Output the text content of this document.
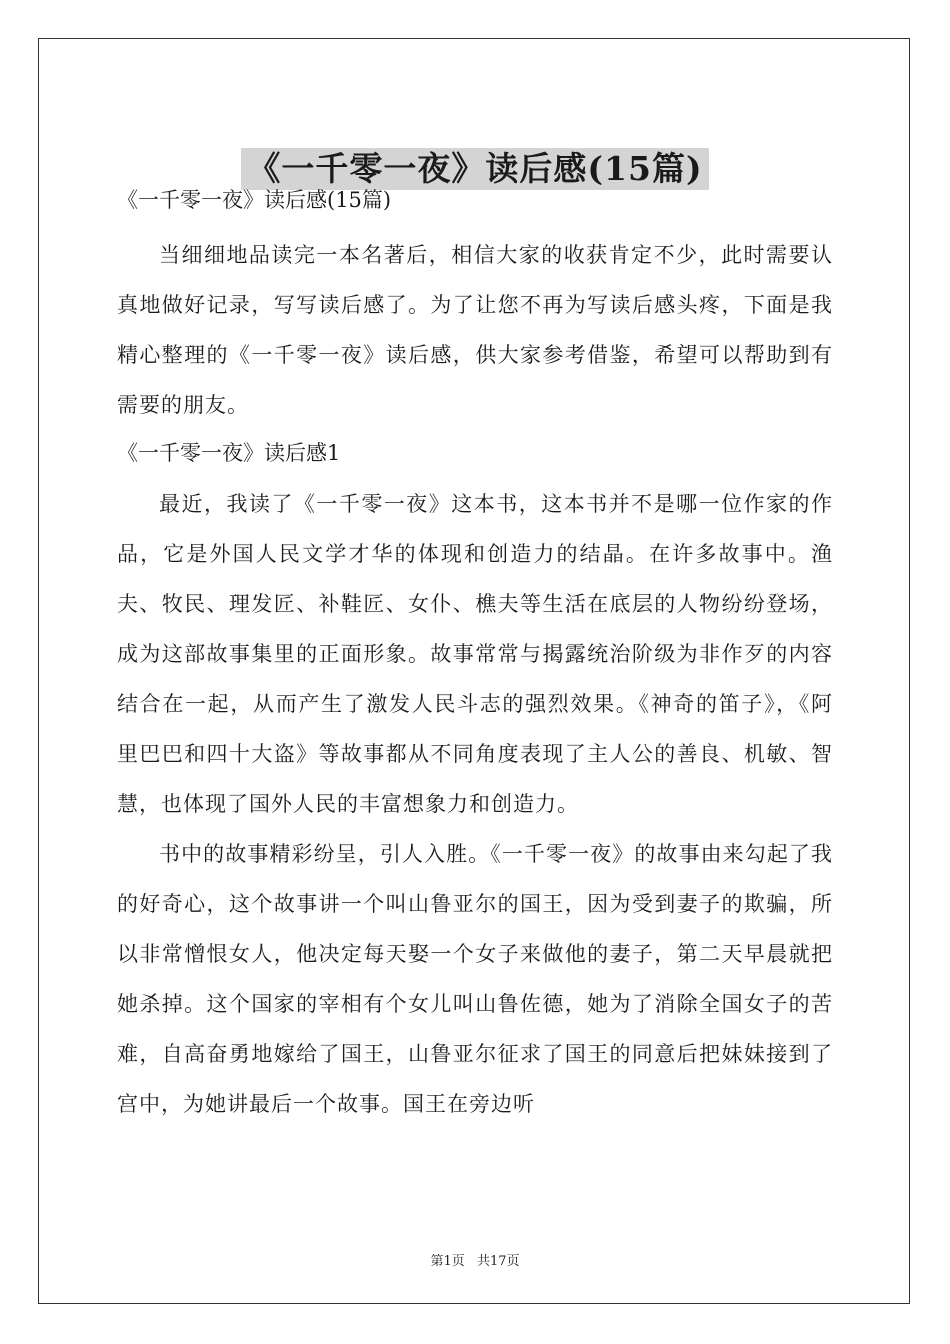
《一千零一夜》读后感(15篇)

《一千零一夜》读后感(15篇)

当细细地品读完一本名著后，相信大家的收获肯定不少，此时需要认真地做好记录，写写读后感了。为了让您不再为写读后感头疼，下面是我精心整理的《一千零一夜》读后感，供大家参考借鉴，希望可以帮助到有需要的朋友。

《一千零一夜》读后感1

最近，我读了《一千零一夜》这本书，这本书并不是哪一位作家的作品，它是外国人民文学才华的体现和创造力的结晶。在许多故事中。渔夫、牧民、理发匠、补鞋匠、女仆、樵夫等生活在底层的人物纷纷登场，成为这部故事集里的正面形象。故事常常与揭露统治阶级为非作歹的内容结合在一起，从而产生了激发人民斗志的强烈效果。《神奇的笛子》，《阿里巴巴和四十大盗》等故事都从不同角度表现了主人公的善良、机敏、智慧，也体现了国外人民的丰富想象力和创造力。

书中的故事精彩纷呈，引人入胜。《一千零一夜》的故事由来勾起了我的好奇心，这个故事讲一个叫山鲁亚尔的国王，因为受到妻子的欺骗，所以非常憎恨女人，他决定每天娶一个女子来做他的妻子，第二天早晨就把她杀掉。这个国家的宰相有个女儿叫山鲁佐德，她为了消除全国女子的苦难，自高奋勇地嫁给了国王，山鲁亚尔征求了国王的同意后把妹妹接到了宫中，为她讲最后一个故事。国王在旁边听

第1页 共17页
